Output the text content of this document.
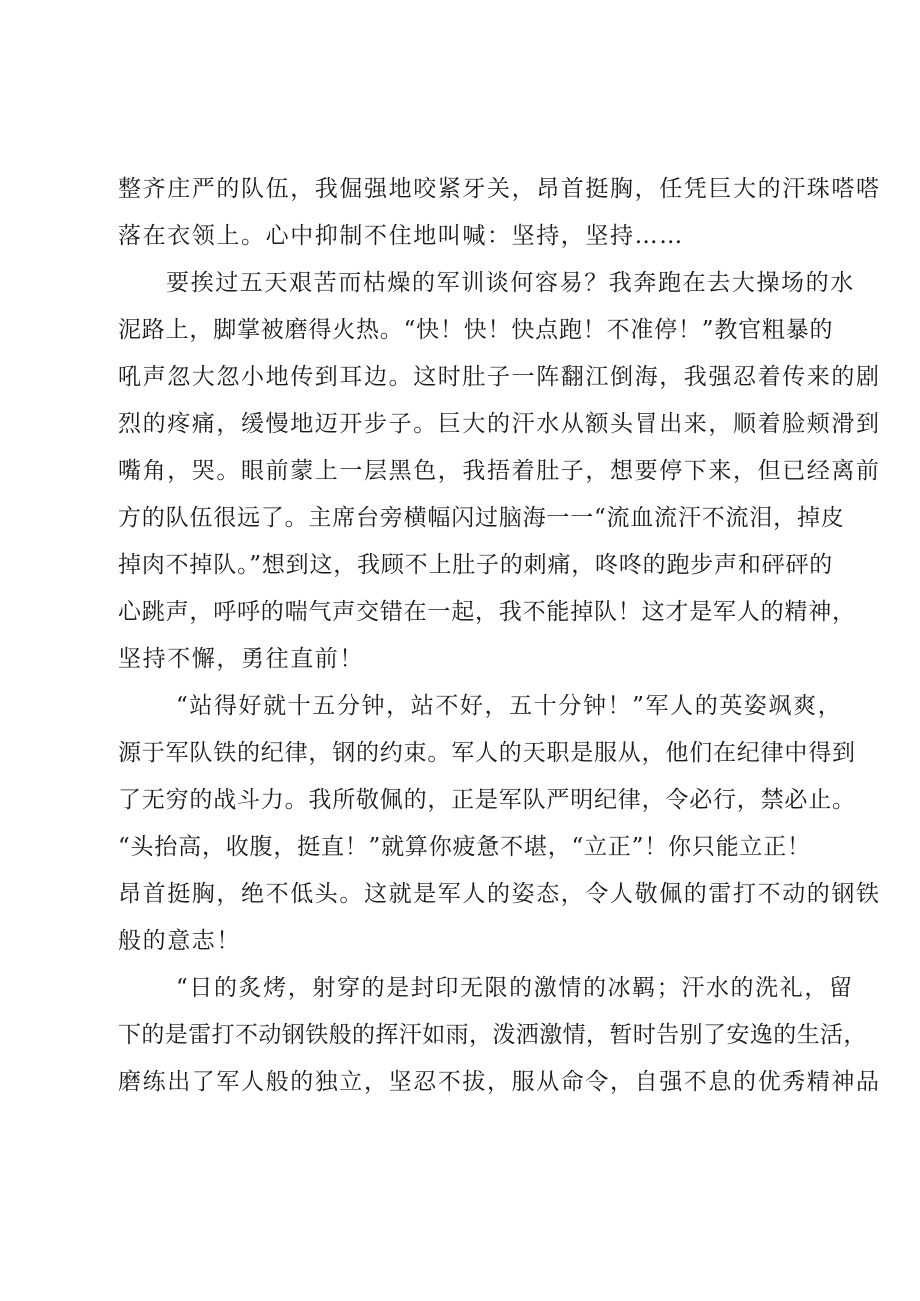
整齐庄严的队伍，我倔强地咬紧牙关，昂首挺胸，任凭巨大的汗珠嗒嗒
落在衣领上。心中抑制不住地叫喊：坚持，坚持……
要挨过五天艰苦而枯燥的军训谈何容易？我奔跑在去大操场的水
泥路上，脚掌被磨得火热。“快！快！快点跑！不准停！”教官粗暴的
吼声忽大忽小地传到耳边。这时肚子一阵翻江倒海，我强忍着传来的剧
烈的疼痛，缓慢地迈开步子。巨大的汗水从额头冒出来，顺着脸颊滑到
嘴角，哭。眼前蒙上一层黑色，我捂着肚子，想要停下来，但已经离前
方的队伍很远了。主席台旁横幅闪过脑海一一“流血流汗不流泪，掉皮
掉肉不掉队。”想到这，我顾不上肚子的刺痛，咚咚的跑步声和砰砰的
心跳声，呼呼的喘气声交错在一起，我不能掉队！这才是军人的精神，
坚持不懈，勇往直前！
“站得好就十五分钟，站不好，五十分钟！”军人的英姿飒爽，
源于军队铁的纪律，钢的约束。军人的天职是服从，他们在纪律中得到
了无穷的战斗力。我所敬佩的，正是军队严明纪律，令必行，禁必止。
“头抬高，收腹，挺直！”就算你疲惫不堪，“立正”！你只能立正！
昂首挺胸，绝不低头。这就是军人的姿态，令人敬佩的雷打不动的钢铁
般的意志！
“日的炙烤，射穿的是封印无限的激情的冰羁；汗水的洗礼，留
下的是雷打不动钢铁般的挥汗如雨，泼洒激情，暂时告别了安逸的生活，
磨练出了军人般的独立，坚忍不拔，服从命令，自强不息的优秀精神品
